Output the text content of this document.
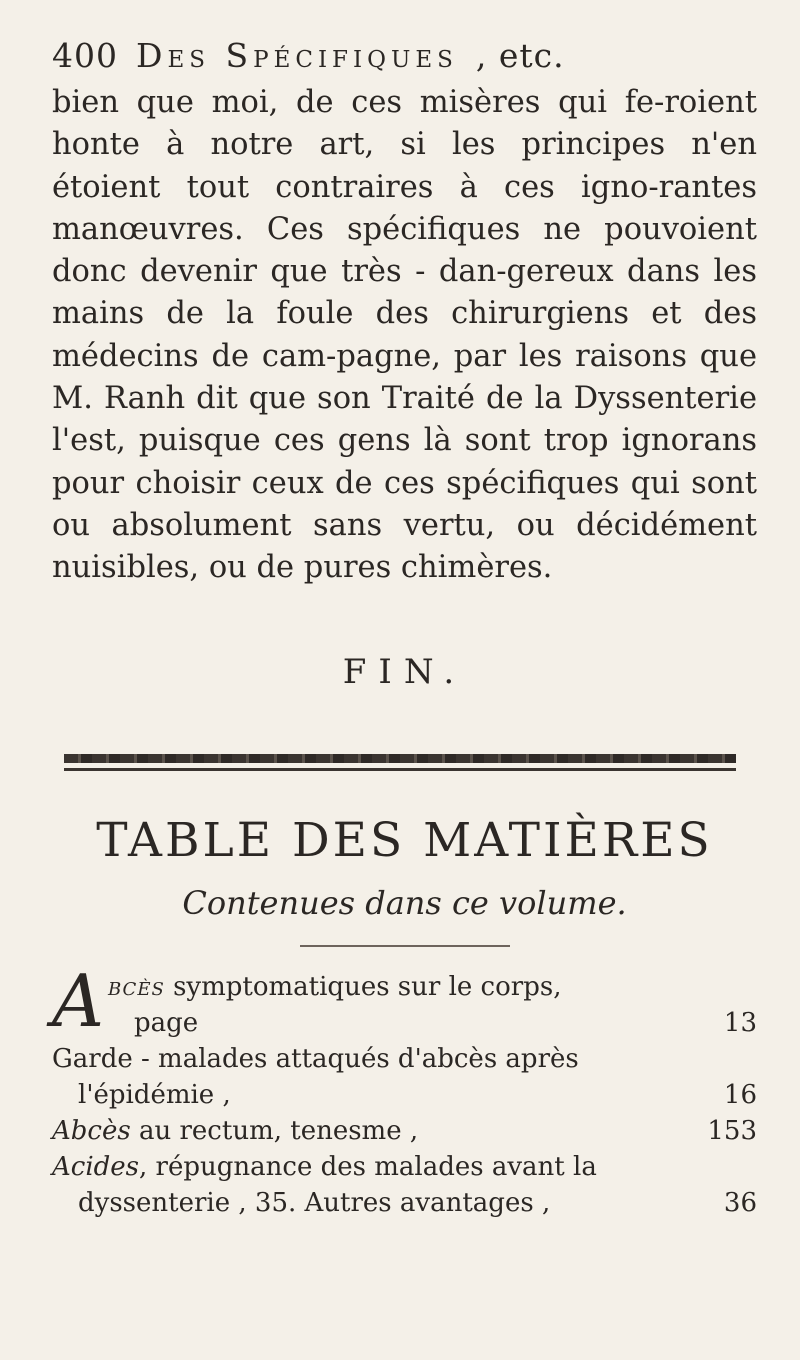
400 Des Spécifiques , etc.

bien que moi, de ces misères qui fe-roient honte à notre art, si les principes n'en étoient tout contraires à ces igno-rantes manœuvres. Ces spécifiques ne pouvoient donc devenir que très - dan-gereux dans les mains de la foule des chirurgiens et des médecins de cam-pagne, par les raisons que M. Ranh dit que son Traité de la Dyssenterie l'est, puisque ces gens là sont trop ignorans pour choisir ceux de ces spécifiques qui sont ou absolument sans vertu, ou décidément nuisibles, ou de pures chimères.

FIN.
TABLE DES MATIÈRES
Contenues dans ce volume.
A bcès symptomatiques sur le corps,
page	13
Garde - malades attaqués d'abcès après
l'épidémie ,	16
Abcès au rectum, tenesme ,	153
Acides, répugnance des malades avant la
dyssenterie , 35. Autres avantages ,	36
